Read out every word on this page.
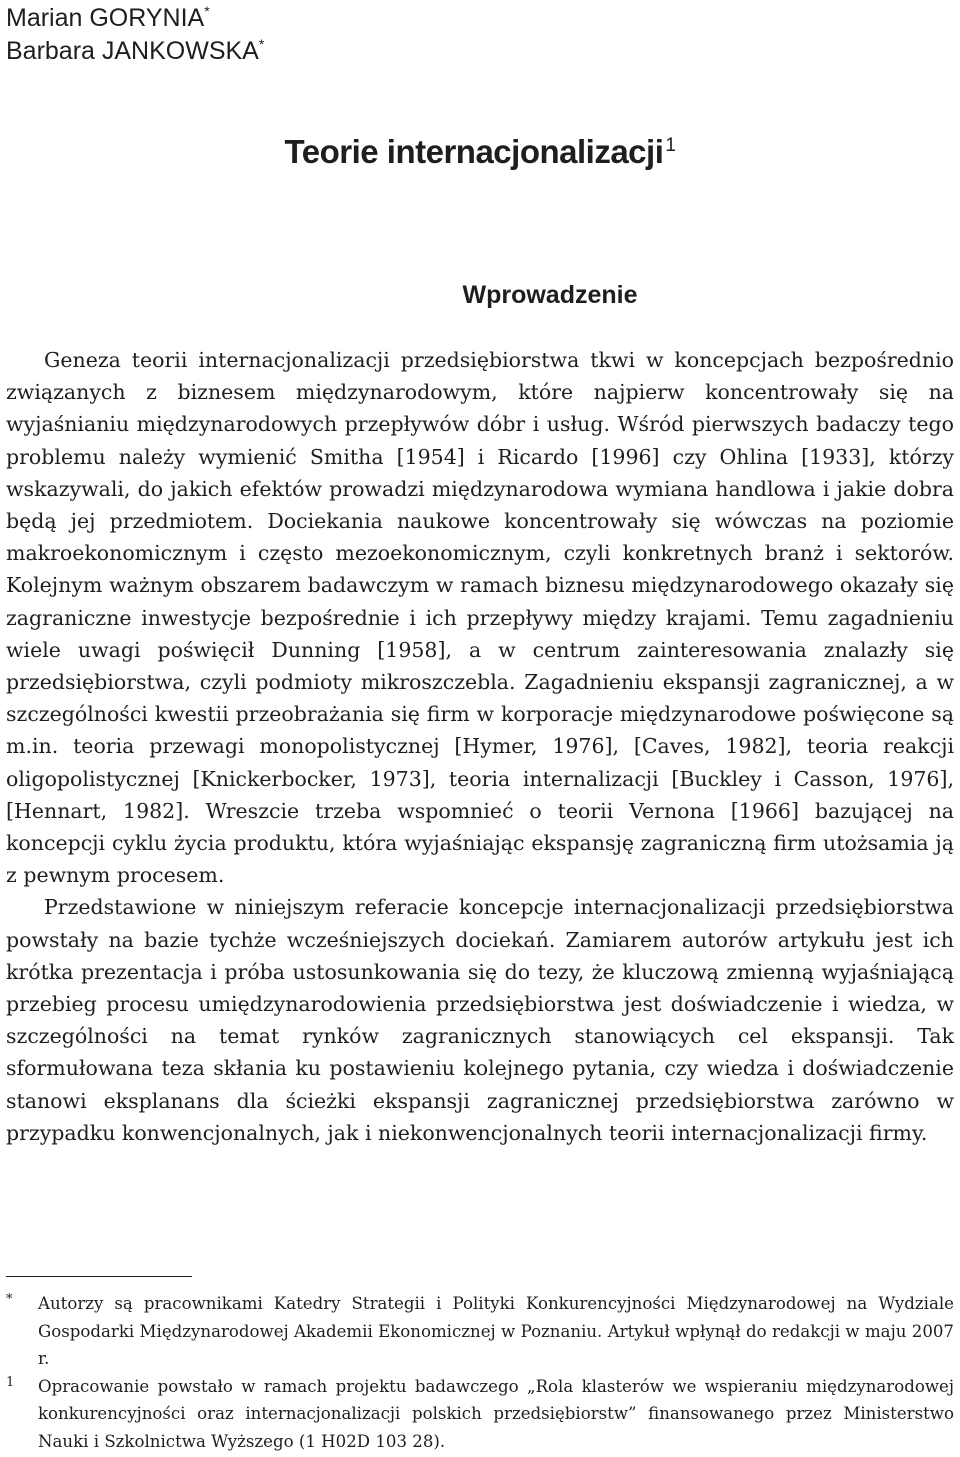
Marian GORYNIA*
Barbara JANKOWSKA*
Teorie internacjonalizacji $^1$
Wprowadzenie

Geneza teorii internacjonalizacji przedsiębiorstwa tkwi w koncepcjach bezpośrednio związanych z biznesem międzynarodowym, które najpierw koncentrowały się na wyjaśnianiu międzynarodowych przepływów dóbr i usług. Wśród pierwszych badaczy tego problemu należy wymienić Smitha [1954] i Ricardo [1996] czy Ohlina [1933], którzy wskazywali, do jakich efektów prowadzi międzynarodowa wymiana handlowa i jakie dobra będą jej przedmiotem. Dociekania naukowe koncentrowały się wówczas na poziomie makroekonomicznym i często mezoekonomicznym, czyli konkretnych branż i sektorów. Kolejnym ważnym obszarem badawczym w ramach biznesu międzynarodowego okazały się zagraniczne inwestycje bezpośrednie i ich przepływy między krajami. Temu zagadnieniu wiele uwagi poświęcił Dunning [1958], a w centrum zainteresowania znalazły się przedsiębiorstwa, czyli podmioty mikroszczebla. Zagadnieniu ekspansji zagranicznej, a w szczególności kwestii przeobrażania się firm w korporacje międzynarodowe poświęcone są m.in. teoria przewagi monopolistycznej [Hymer, 1976], [Caves, 1982], teoria reakcji oligopolistycznej [Knickerbocker, 1973], teoria internalizacji [Buckley i Casson, 1976], [Hennart, 1982]. Wreszcie trzeba wspomnieć o teorii Vernona [1966] bazującej na koncepcji cyklu życia produktu, która wyjaśniając ekspansję zagraniczną firm utożsamia ją z pewnym procesem.

Przedstawione w niniejszym referacie koncepcje internacjonalizacji przedsiębiorstwa powstały na bazie tychże wcześniejszych dociekań. Zamiarem autorów artykułu jest ich krótka prezentacja i próba ustosunkowania się do tezy, że kluczową zmienną wyjaśniającą przebieg procesu umiędzynarodowienia przedsiębiorstwa jest doświadczenie i wiedza, w szczególności na temat rynków zagranicznych stanowiących cel ekspansji. Tak sformułowana teza skłania ku postawieniu kolejnego pytania, czy wiedza i doświadczenie stanowi eksplanans dla ścieżki ekspansji zagranicznej przedsiębiorstwa zarówno w przypadku konwencjonalnych, jak i niekonwencjonalnych teorii internacjonalizacji firmy.

* Autorzy są pracownikami Katedry Strategii i Polityki Konkurencyjności Międzynarodowej na Wydziale Gospodarki Międzynarodowej Akademii Ekonomicznej w Poznaniu. Artykuł wpłynął do redakcji w maju 2007 r.
1 Opracowanie powstało w ramach projektu badawczego „Rola klasterów we wspieraniu międzynarodowej konkurencyjności oraz internacjonalizacji polskich przedsiębiorstw” finansowanego przez Ministerstwo Nauki i Szkolnictwa Wyższego (1 H02D 103 28).
